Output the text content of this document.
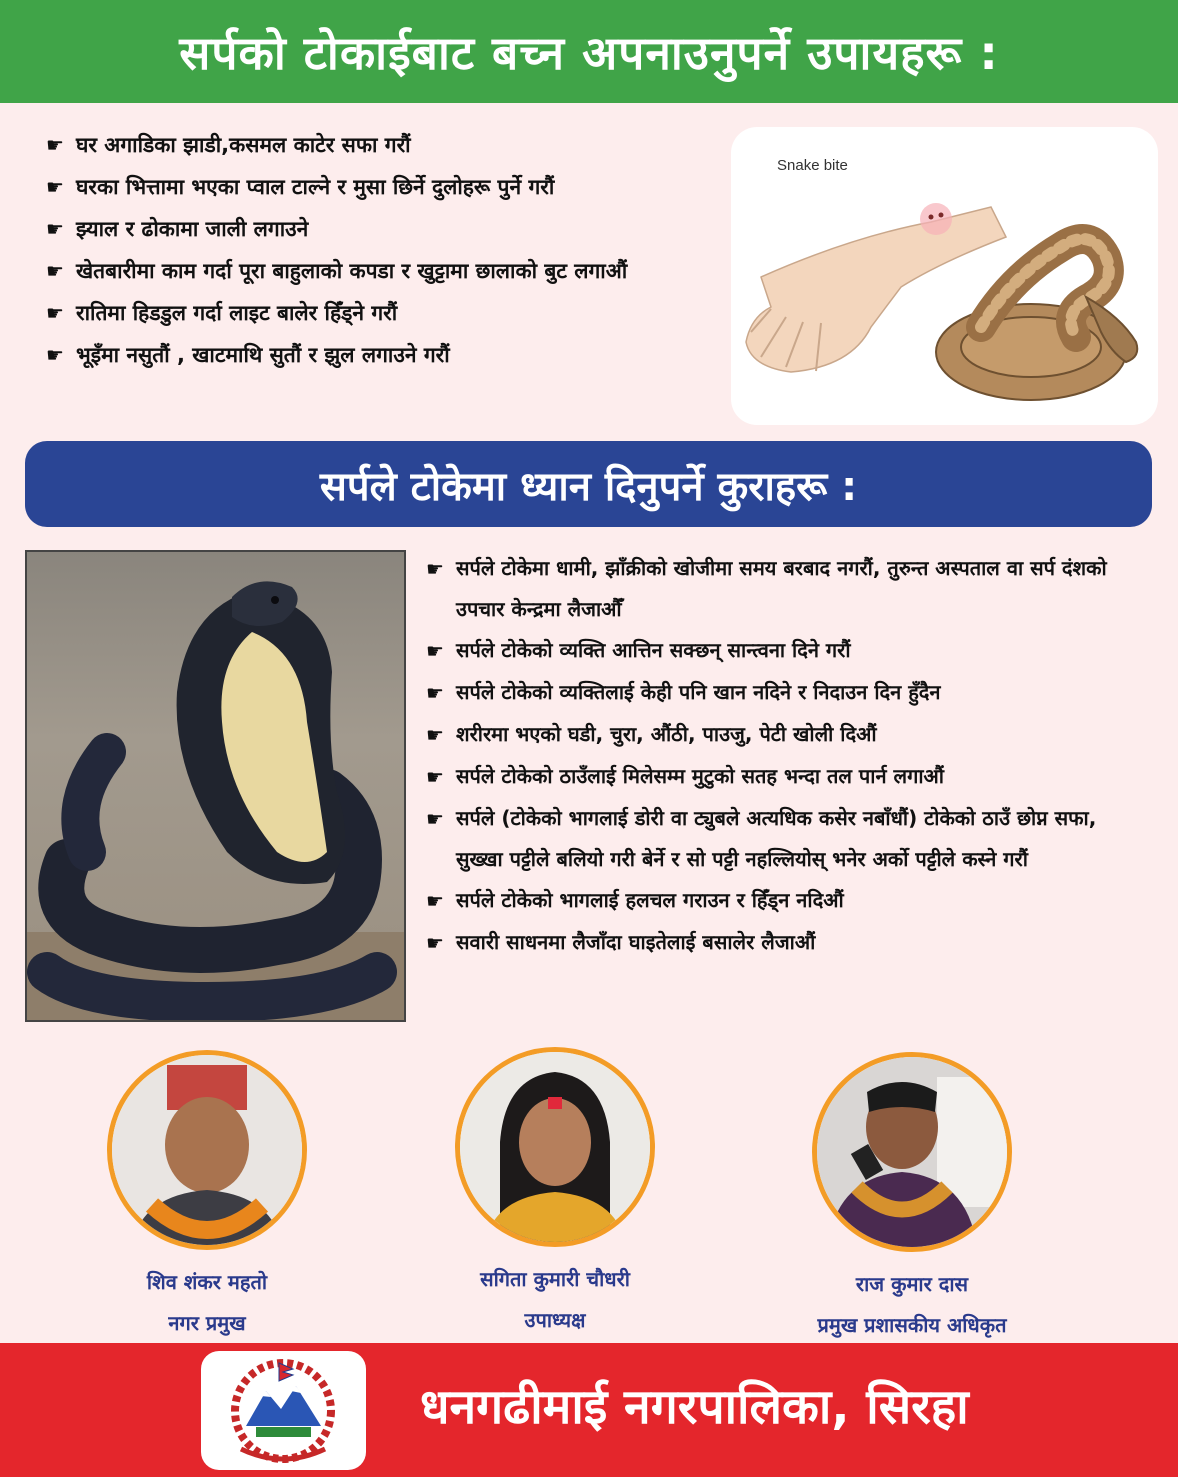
सर्पको टोकाईबाट बच्न अपनाउनुपर्ने उपायहरू :
☛ घर अगाडिका झाडी,कसमल काटेर सफा गरौं
☛ घरका भित्तामा भएका प्वाल टाल्ने र मुसा छिर्ने दुलोहरू पुर्ने गरौं
☛ झ्याल र ढोकामा जाली लगाउने
☛ खेतबारीमा काम गर्दा पूरा बाहुलाको कपडा र खुट्टामा छालाको बुट लगाऔं
☛ रातिमा हिडडुल गर्दा लाइट बालेर हिँड्ने गरौं
☛ भूइँमा नसुतौं , खाटमाथि सुतौं र झुल लगाउने गरौं
Snake bite
सर्पले टोकेमा ध्यान दिनुपर्ने कुराहरू :
☛ सर्पले टोकेमा धामी, झाँक्रीको खोजीमा समय बरबाद नगरौं, तुरुन्त अस्पताल वा सर्प दंशको उपचार केन्द्रमा लैजाऔँ
☛ सर्पले टोकेको व्यक्ति आत्तिन सक्छन् सान्त्वना दिने गरौं
☛ सर्पले टोकेको व्यक्तिलाई केही पनि खान नदिने र निदाउन दिन हुँदैन
☛ शरीरमा भएको घडी, चुरा, औंठी, पाउजु, पेटी खोली दिऔं
☛ सर्पले टोकेको ठाउँलाई मिलेसम्म मुटुको सतह भन्दा तल पार्न लगाऔं
☛ सर्पले (टोकेको भागलाई डोरी वा ट्युबले अत्यधिक कसेर नबाँधौं) टोकेको ठाउँ छोप्न सफा, सुख्खा पट्टीले बलियो गरी बेर्ने र सो पट्टी नहल्लियोस् भनेर अर्को पट्टीले कस्ने गरौं
☛ सर्पले टोकेको भागलाई हलचल गराउन र हिँड्न नदिऔं
☛ सवारी साधनमा लैजाँदा घाइतेलाई बसालेर लैजाऔं
शिव शंकर महतो
नगर प्रमुख
सगिता कुमारी चौधरी
उपाध्यक्ष
राज कुमार दास
प्रमुख प्रशासकीय अधिकृत
धनगढीमाई नगरपालिका, सिरहा
